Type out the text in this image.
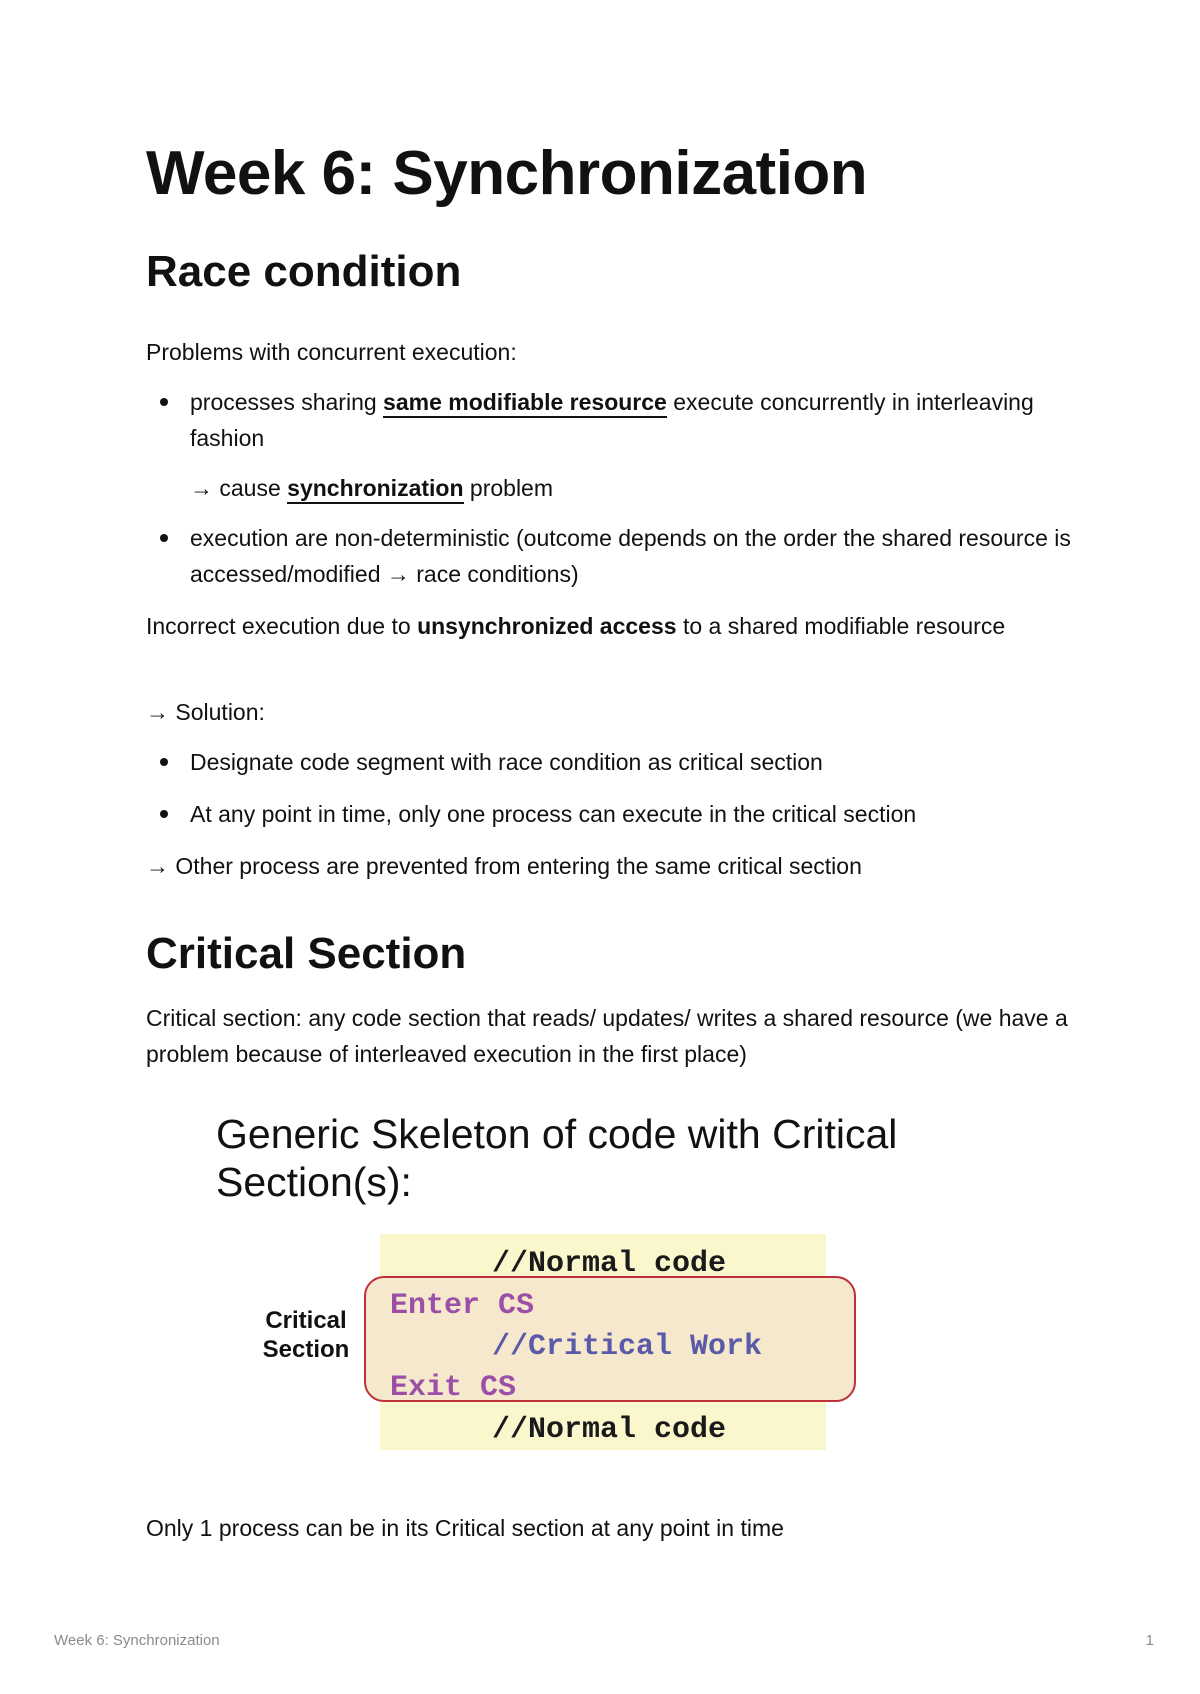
Week 6: Synchronization
Race condition

Problems with concurrent execution:

processes sharing same modifiable resource execute concurrently in interleaving fashion
→ cause synchronization problem
execution are non-deterministic (outcome depends on the order the shared resource is accessed/modified → race conditions)

Incorrect execution due to unsynchronized access to a shared modifiable resource

→ Solution:

Designate code segment with race condition as critical section
At any point in time, only one process can execute in the critical section

→ Other process are prevented from entering the same critical section

Critical Section

Critical section: any code section that reads/ updates/ writes a shared resource (we have a problem because of interleaved execution in the first place)

Generic Skeleton of code with Critical Section(s):
Critical
Section
//Normal code
Enter CS
//Critical Work
Exit CS
//Normal code

Only 1 process can be in its Critical section at any point in time

Week 6: Synchronization	1
